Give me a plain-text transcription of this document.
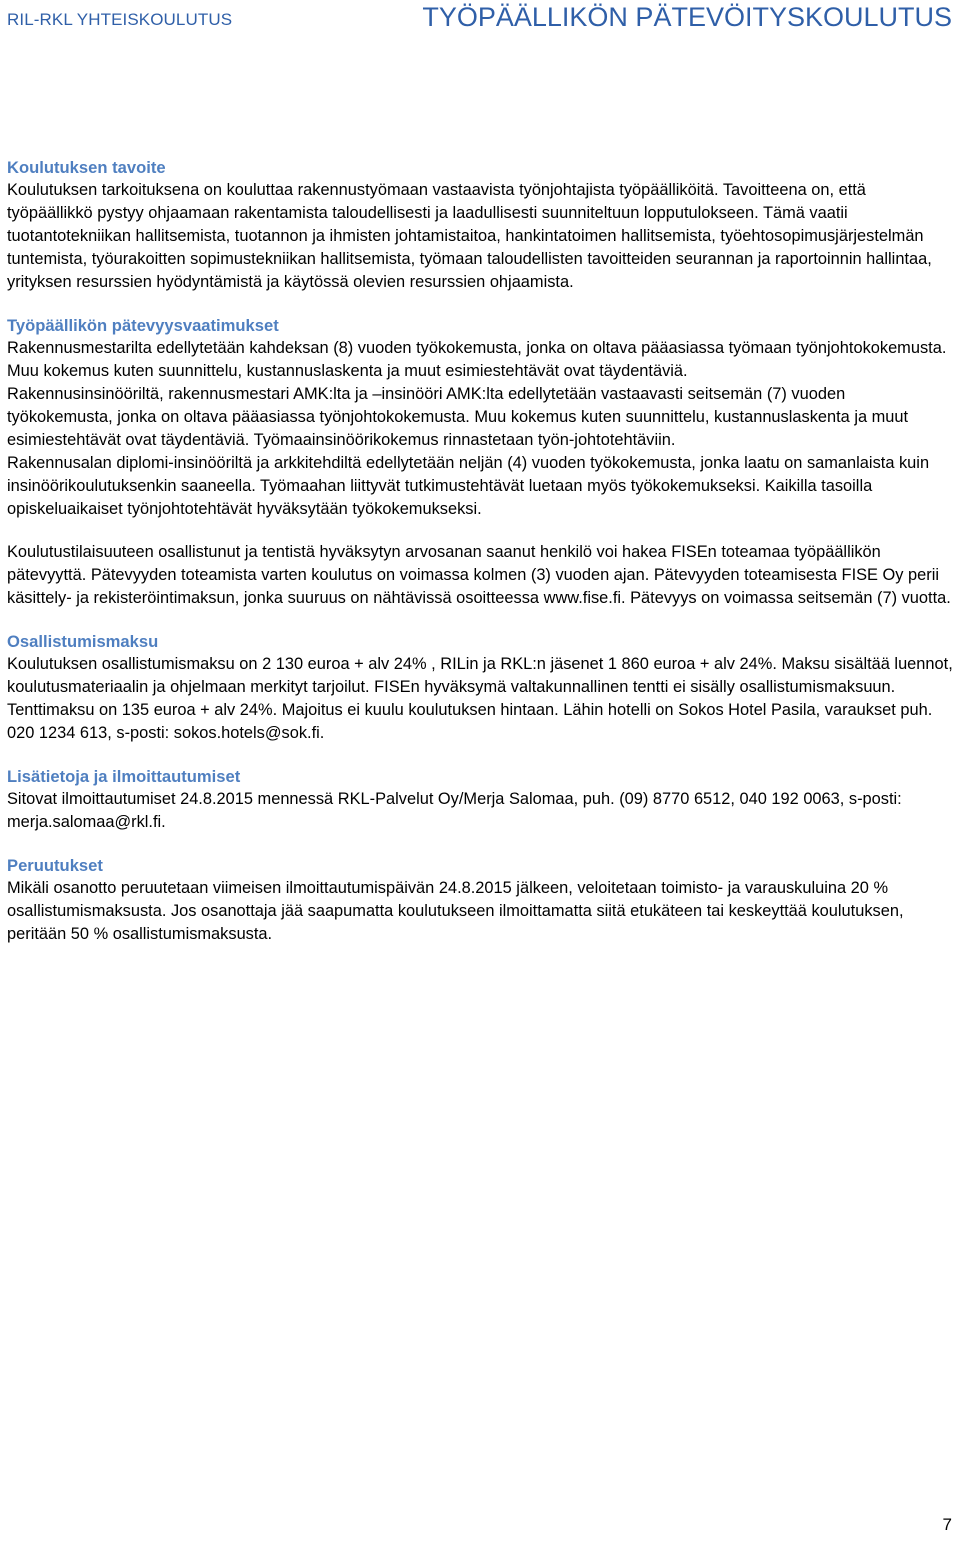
RIL-RKL YHTEISKOULUTUS	TYÖPÄÄLLIKÖN PÄTEVÖITYSKOULUTUS

Koulutuksen tavoite

Koulutuksen tarkoituksena on kouluttaa rakennustyömaan vastaavista työnjohtajista työpäälliköitä. Tavoitteena on, että työpäällikkö pystyy ohjaamaan rakentamista taloudellisesti ja laadullisesti suunniteltuun lopputulokseen. Tämä vaatii tuotantotekniikan hallitsemista, tuotannon ja ihmisten johtamistaitoa, hankintatoimen hallitsemista, työehtosopimusjärjestelmän tuntemista, työurakoitten sopimustekniikan hallitsemista, työmaan taloudellisten tavoitteiden seurannan ja raportoinnin hallintaa, yrityksen resurssien hyödyntämistä ja käytössä olevien resurssien ohjaamista.

Työpäällikön pätevyysvaatimukset

Rakennusmestarilta edellytetään kahdeksan (8) vuoden työkokemusta, jonka on oltava pääasiassa työmaan työnjohtokokemusta. Muu kokemus kuten suunnittelu, kustannuslaskenta ja muut esimiestehtävät ovat täydentäviä.

Rakennusinsinööriltä, rakennusmestari AMK:lta ja –insinööri AMK:lta edellytetään vastaavasti seitsemän (7) vuoden työkokemusta, jonka on oltava pääasiassa työnjohtokokemusta. Muu kokemus kuten suunnittelu, kustannuslaskenta ja muut esimiestehtävät ovat täydentäviä. Työmaainsinöörikokemus rinnastetaan työn-johtotehtäviin.

Rakennusalan diplomi-insinööriltä ja arkkitehdiltä edellytetään neljän (4) vuoden työkokemusta, jonka laatu on samanlaista kuin insinöörikoulutuksenkin saaneella. Työmaahan liittyvät tutkimustehtävät luetaan myös työkokemukseksi. Kaikilla tasoilla opiskeluaikaiset työnjohtotehtävät hyväksytään työkokemukseksi.

Koulutustilaisuuteen osallistunut ja tentistä hyväksytyn arvosanan saanut henkilö voi hakea FISEn toteamaa työpäällikön pätevyyttä. Pätevyyden toteamista varten koulutus on voimassa kolmen (3) vuoden ajan. Pätevyyden toteamisesta FISE Oy perii käsittely- ja rekisteröintimaksun, jonka suuruus on nähtävissä osoitteessa www.fise.fi. Pätevyys on voimassa seitsemän (7) vuotta.

Osallistumismaksu

Koulutuksen osallistumismaksu on 2 130 euroa + alv 24% , RILin ja RKL:n jäsenet 1 860 euroa + alv 24%. Maksu sisältää luennot, koulutusmateriaalin ja ohjelmaan merkityt tarjoilut. FISEn hyväksymä valtakunnallinen tentti ei sisälly osallistumismaksuun. Tenttimaksu on 135 euroa + alv 24%. Majoitus ei kuulu koulutuksen hintaan. Lähin hotelli on Sokos Hotel Pasila, varaukset puh. 020 1234 613, s-posti: sokos.hotels@sok.fi.

Lisätietoja ja ilmoittautumiset

Sitovat ilmoittautumiset 24.8.2015 mennessä RKL-Palvelut Oy/Merja Salomaa, puh. (09) 8770 6512, 040 192 0063, s-posti: merja.salomaa@rkl.fi.

Peruutukset

Mikäli osanotto peruutetaan viimeisen ilmoittautumispäivän 24.8.2015 jälkeen, veloitetaan toimisto- ja varauskuluina 20 % osallistumismaksusta. Jos osanottaja jää saapumatta koulutukseen ilmoittamatta siitä etukäteen tai keskeyttää koulutuksen, peritään 50 % osallistumismaksusta.

7
